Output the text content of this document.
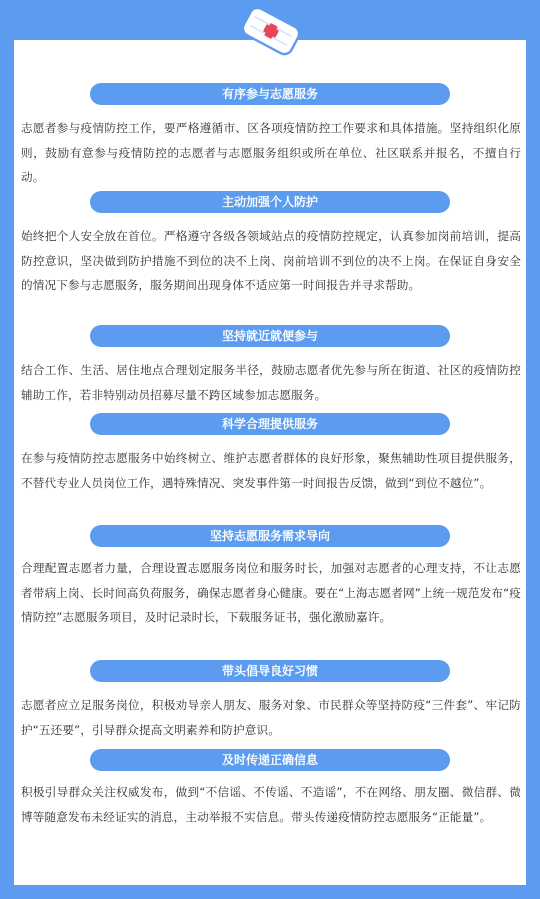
有序参与志愿服务

志愿者参与疫情防控工作，要严格遵循市、区各项疫情防控工作要求和具体措施。坚持组织化原则，鼓励有意参与疫情防控的志愿者与志愿服务组织或所在单位、社区联系并报名，不擅自行动。

主动加强个人防护

始终把个人安全放在首位。严格遵守各级各领域站点的疫情防控规定，认真参加岗前培训，提高防控意识，坚决做到防护措施不到位的决不上岗、岗前培训不到位的决不上岗。在保证自身安全的情况下参与志愿服务，服务期间出现身体不适应第一时间报告并寻求帮助。

坚持就近就便参与

结合工作、生活、居住地点合理划定服务半径，鼓励志愿者优先参与所在街道、社区的疫情防控辅助工作，若非特别动员招募尽量不跨区域参加志愿服务。

科学合理提供服务

在参与疫情防控志愿服务中始终树立、维护志愿者群体的良好形象，聚焦辅助性项目提供服务，不替代专业人员岗位工作，遇特殊情况、突发事件第一时间报告反馈，做到“到位不越位”。

坚持志愿服务需求导向

合理配置志愿者力量，合理设置志愿服务岗位和服务时长，加强对志愿者的心理支持，不让志愿者带病上岗、长时间高负荷服务，确保志愿者身心健康。要在“上海志愿者网”上统一规范发布“疫情防控”志愿服务项目，及时记录时长，下载服务证书，强化激励嘉许。

带头倡导良好习惯

志愿者应立足服务岗位，积极劝导亲人朋友、服务对象、市民群众等坚持防疫“三件套”、牢记防护“五还要”，引导群众提高文明素养和防护意识。

及时传递正确信息

积极引导群众关注权威发布，做到“不信谣、不传谣、不造谣”，不在网络、朋友圈、微信群、微博等随意发布未经证实的消息，主动举报不实信息。带头传递疫情防控志愿服务“正能量”。
